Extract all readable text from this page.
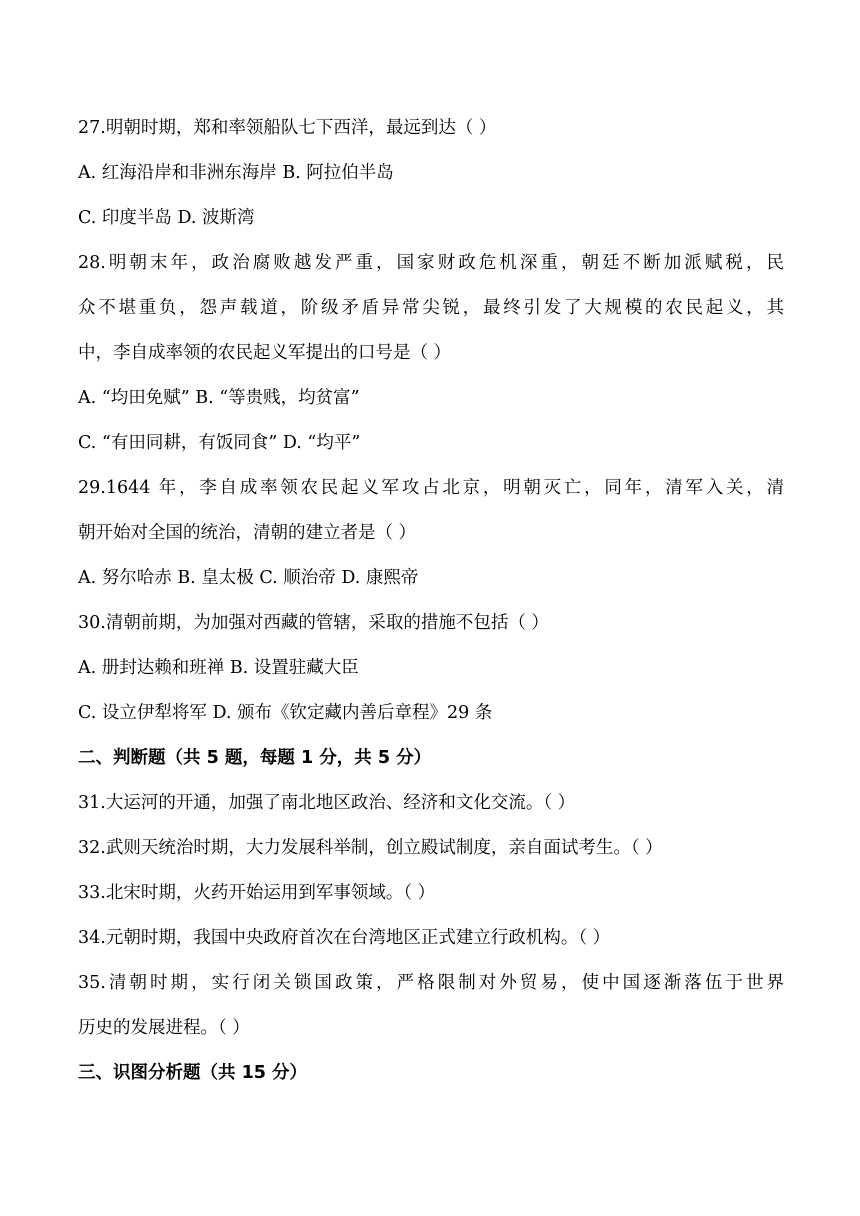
27.明朝时期，郑和率领船队七下西洋，最远到达（ ）
A. 红海沿岸和非洲东海岸 B. 阿拉伯半岛
C. 印度半岛 D. 波斯湾
28.明朝末年，政治腐败越发严重，国家财政危机深重，朝廷不断加派赋税，民
众不堪重负，怨声载道，阶级矛盾异常尖锐，最终引发了大规模的农民起义，其
中，李自成率领的农民起义军提出的口号是（ ）
A. “均田免赋” B. “等贵贱，均贫富”
C. “有田同耕，有饭同食” D. “均平”
29.1644 年，李自成率领农民起义军攻占北京，明朝灭亡，同年，清军入关，清
朝开始对全国的统治，清朝的建立者是（ ）
A. 努尔哈赤 B. 皇太极 C. 顺治帝 D. 康熙帝
30.清朝前期，为加强对西藏的管辖，采取的措施不包括（ ）
A. 册封达赖和班禅 B. 设置驻藏大臣
C. 设立伊犁将军 D. 颁布《钦定藏内善后章程》29 条
二、判断题（共 5 题，每题 1 分，共 5 分）
31.大运河的开通，加强了南北地区政治、经济和文化交流。（ ）
32.武则天统治时期，大力发展科举制，创立殿试制度，亲自面试考生。（ ）
33.北宋时期，火药开始运用到军事领域。（ ）
34.元朝时期，我国中央政府首次在台湾地区正式建立行政机构。（ ）
35.清朝时期，实行闭关锁国政策，严格限制对外贸易，使中国逐渐落伍于世界
历史的发展进程。（ ）
三、识图分析题（共 15 分）
